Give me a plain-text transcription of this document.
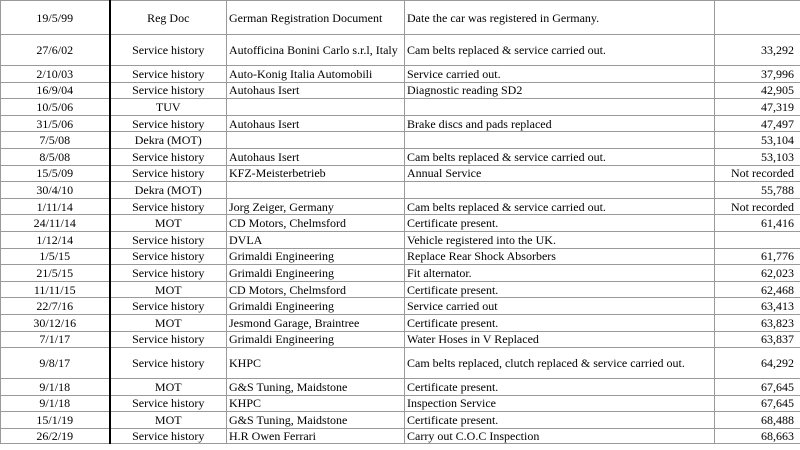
19/5/99	Reg Doc	German Registration Document	Date the car was registered in Germany.	
27/6/02	Service history	Autofficina Bonini Carlo s.r.l, Italy	Cam belts replaced & service carried out.	33,292
2/10/03	Service history	Auto-Konig Italia Automobili	Service carried out.	37,996
16/9/04	Service history	Autohaus Isert	Diagnostic reading SD2	42,905
10/5/06	TUV			47,319
31/5/06	Service history	Autohaus Isert	Brake discs and pads replaced	47,497
7/5/08	Dekra (MOT)			53,104
8/5/08	Service history	Autohaus Isert	Cam belts replaced & service carried out.	53,103
15/5/09	Service history	KFZ-Meisterbetrieb	Annual Service	Not recorded
30/4/10	Dekra (MOT)			55,788
1/11/14	Service history	Jorg Zeiger, Germany	Cam belts replaced & service carried out.	Not recorded
24/11/14	MOT	CD Motors, Chelmsford	Certificate present.	61,416
1/12/14	Service history	DVLA	Vehicle registered into the UK.	
1/5/15	Service history	Grimaldi Engineering	Replace Rear Shock Absorbers	61,776
21/5/15	Service history	Grimaldi Engineering	Fit alternator.	62,023
11/11/15	MOT	CD Motors, Chelmsford	Certificate present.	62,468
22/7/16	Service history	Grimaldi Engineering	Service carried out	63,413
30/12/16	MOT	Jesmond Garage, Braintree	Certificate present.	63,823
7/1/17	Service history	Grimaldi Engineering	Water Hoses in V Replaced	63,837
9/8/17	Service history	KHPC	Cam belts replaced, clutch replaced & service carried out.	64,292
9/1/18	MOT	G&S Tuning, Maidstone	Certificate present.	67,645
9/1/18	Service history	KHPC	Inspection Service	67,645
15/1/19	MOT	G&S Tuning, Maidstone	Certificate present.	68,488
26/2/19	Service history	H.R Owen Ferrari	Carry out C.O.C Inspection	68,663
